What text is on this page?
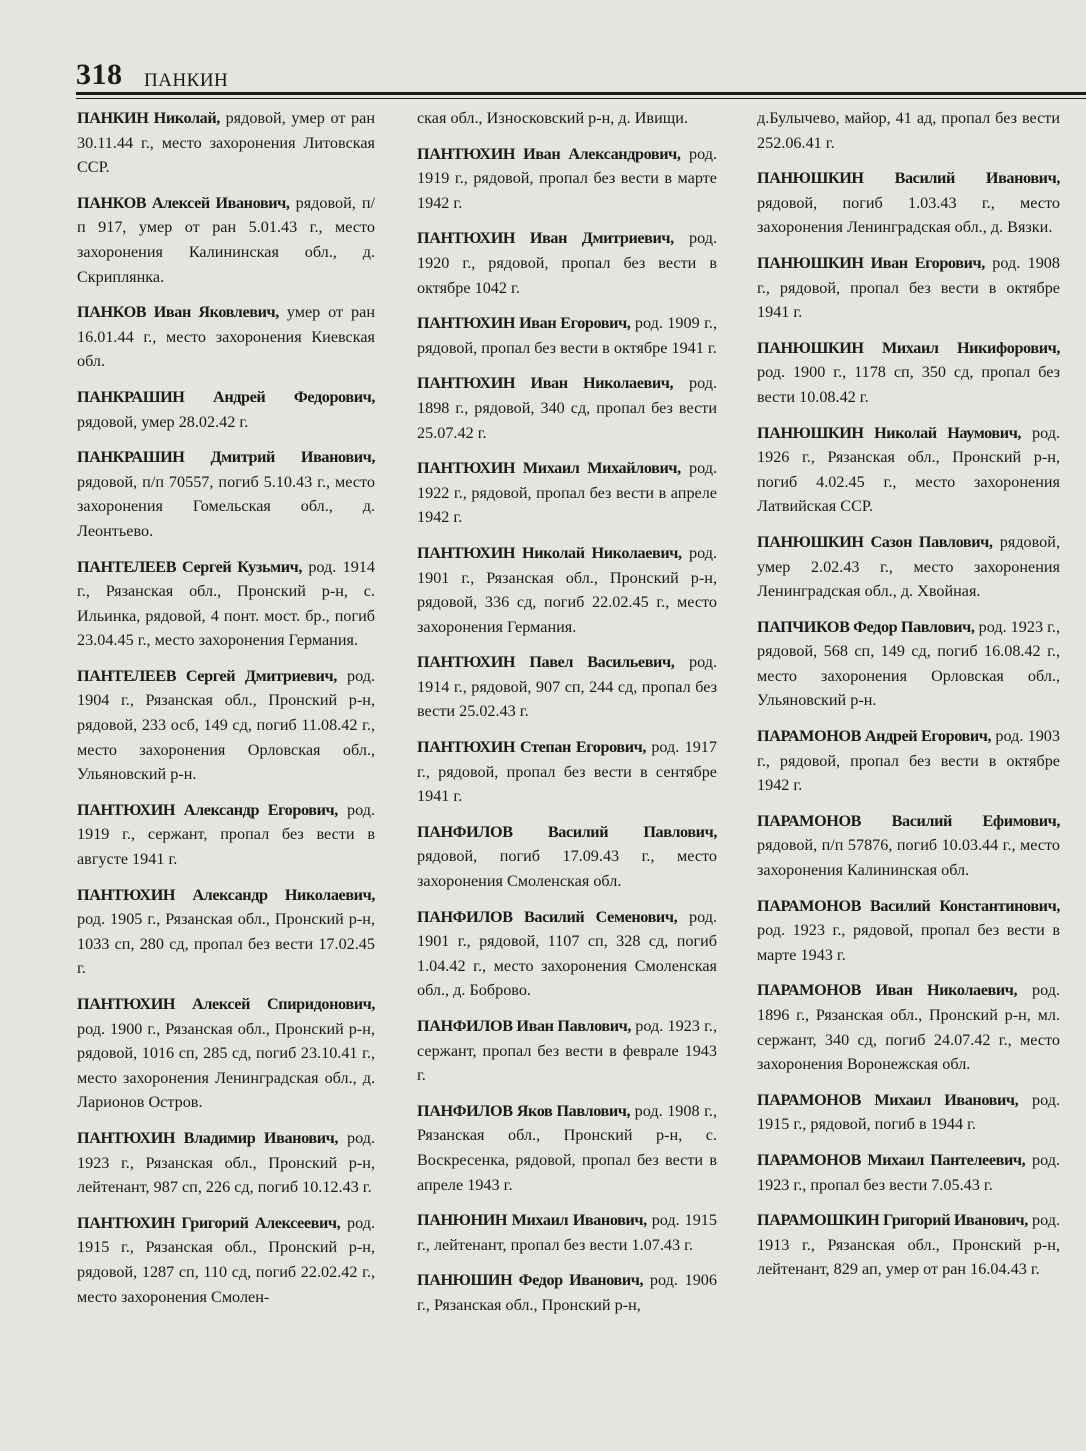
318 ПАНКИН

ПАНКИН Николай, рядовой, умер от ран 30.11.44 г., место захоронения Литовская ССР.

ПАНКОВ Алексей Иванович, рядовой, п/п 917, умер от ран 5.01.43 г., место захоронения Калининская обл., д. Скриплянка.

ПАНКОВ Иван Яковлевич, умер от ран 16.01.44 г., место захоронения Киевская обл.

ПАНКРАШИН Андрей Федорович, рядовой, умер 28.02.42 г.

ПАНКРАШИН Дмитрий Иванович, рядовой, п/п 70557, погиб 5.10.43 г., место захоронения Гомельская обл., д. Леонтьево.

ПАНТЕЛЕЕВ Сергей Кузьмич, род. 1914 г., Рязанская обл., Пронский р-н, с. Ильинка, рядовой, 4 понт. мост. бр., погиб 23.04.45 г., место захоронения Германия.

ПАНТЕЛЕЕВ Сергей Дмитриевич, род. 1904 г., Рязанская обл., Пронский р-н, рядовой, 233 осб, 149 сд, погиб 11.08.42 г., место захоронения Орловская обл., Ульяновский р-н.

ПАНТЮХИН Александр Егорович, род. 1919 г., сержант, пропал без вести в августе 1941 г.

ПАНТЮХИН Александр Николаевич, род. 1905 г., Рязанская обл., Пронский р-н, 1033 сп, 280 сд, пропал без вести 17.02.45 г.

ПАНТЮХИН Алексей Спиридонович, род. 1900 г., Рязанская обл., Пронский р-н, рядовой, 1016 сп, 285 сд, погиб 23.10.41 г., место захоронения Ленинградская обл., д. Ларионов Остров.

ПАНТЮХИН Владимир Иванович, род. 1923 г., Рязанская обл., Пронский р-н, лейтенант, 987 сп, 226 сд, погиб 10.12.43 г.

ПАНТЮХИН Григорий Алексеевич, род. 1915 г., Рязанская обл., Пронский р-н, рядовой, 1287 сп, 110 сд, погиб 22.02.42 г., место захоронения Смолен-

ская обл., Износковский р-н, д. Ивищи.

ПАНТЮХИН Иван Александрович, род. 1919 г., рядовой, пропал без вести в марте 1942 г.

ПАНТЮХИН Иван Дмитриевич, род. 1920 г., рядовой, пропал без вести в октябре 1042 г.

ПАНТЮХИН Иван Егорович, род. 1909 г., рядовой, пропал без вести в октябре 1941 г.

ПАНТЮХИН Иван Николаевич, род. 1898 г., рядовой, 340 сд, пропал без вести 25.07.42 г.

ПАНТЮХИН Михаил Михайлович, род. 1922 г., рядовой, пропал без вести в апреле 1942 г.

ПАНТЮХИН Николай Николаевич, род. 1901 г., Рязанская обл., Пронский р-н, рядовой, 336 сд, погиб 22.02.45 г., место захоронения Германия.

ПАНТЮХИН Павел Васильевич, род. 1914 г., рядовой, 907 сп, 244 сд, пропал без вести 25.02.43 г.

ПАНТЮХИН Степан Егорович, род. 1917 г., рядовой, пропал без вести в сентябре 1941 г.

ПАНФИЛОВ Василий Павлович, рядовой, погиб 17.09.43 г., место захоронения Смоленская обл.

ПАНФИЛОВ Василий Семенович, род. 1901 г., рядовой, 1107 сп, 328 сд, погиб 1.04.42 г., место захоронения Смоленская обл., д. Боброво.

ПАНФИЛОВ Иван Павлович, род. 1923 г., сержант, пропал без вести в феврале 1943 г.

ПАНФИЛОВ Яков Павлович, род. 1908 г., Рязанская обл., Пронский р-н, с. Воскресенка, рядовой, пропал без вести в апреле 1943 г.

ПАНЮНИН Михаил Иванович, род. 1915 г., лейтенант, пропал без вести 1.07.43 г.

ПАНЮШИН Федор Иванович, род. 1906 г., Рязанская обл., Пронский р-н,

д.Булычево, майор, 41 ад, пропал без вести 252.06.41 г.

ПАНЮШКИН Василий Иванович, рядовой, погиб 1.03.43 г., место захоронения Ленинградская обл., д. Вязки.

ПАНЮШКИН Иван Егорович, род. 1908 г., рядовой, пропал без вести в октябре 1941 г.

ПАНЮШКИН Михаил Никифорович, род. 1900 г., 1178 сп, 350 сд, пропал без вести 10.08.42 г.

ПАНЮШКИН Николай Наумович, род. 1926 г., Рязанская обл., Пронский р-н, погиб 4.02.45 г., место захоронения Латвийская ССР.

ПАНЮШКИН Сазон Павлович, рядовой, умер 2.02.43 г., место захоронения Ленинградская обл., д. Хвойная.

ПАПЧИКОВ Федор Павлович, род. 1923 г., рядовой, 568 сп, 149 сд, погиб 16.08.42 г., место захоронения Орловская обл., Ульяновский р-н.

ПАРАМОНОВ Андрей Егорович, род. 1903 г., рядовой, пропал без вести в октябре 1942 г.

ПАРАМОНОВ Василий Ефимович, рядовой, п/п 57876, погиб 10.03.44 г., место захоронения Калининская обл.

ПАРАМОНОВ Василий Константинович, род. 1923 г., рядовой, пропал без вести в марте 1943 г.

ПАРАМОНОВ Иван Николаевич, род. 1896 г., Рязанская обл., Пронский р-н, мл. сержант, 340 сд, погиб 24.07.42 г., место захоронения Воронежская обл.

ПАРАМОНОВ Михаил Иванович, род. 1915 г., рядовой, погиб в 1944 г.

ПАРАМОНОВ Михаил Пантелеевич, род. 1923 г., пропал без вести 7.05.43 г.

ПАРАМОШКИН Григорий Иванович, род. 1913 г., Рязанская обл., Пронский р-н, лейтенант, 829 ап, умер от ран 16.04.43 г.
